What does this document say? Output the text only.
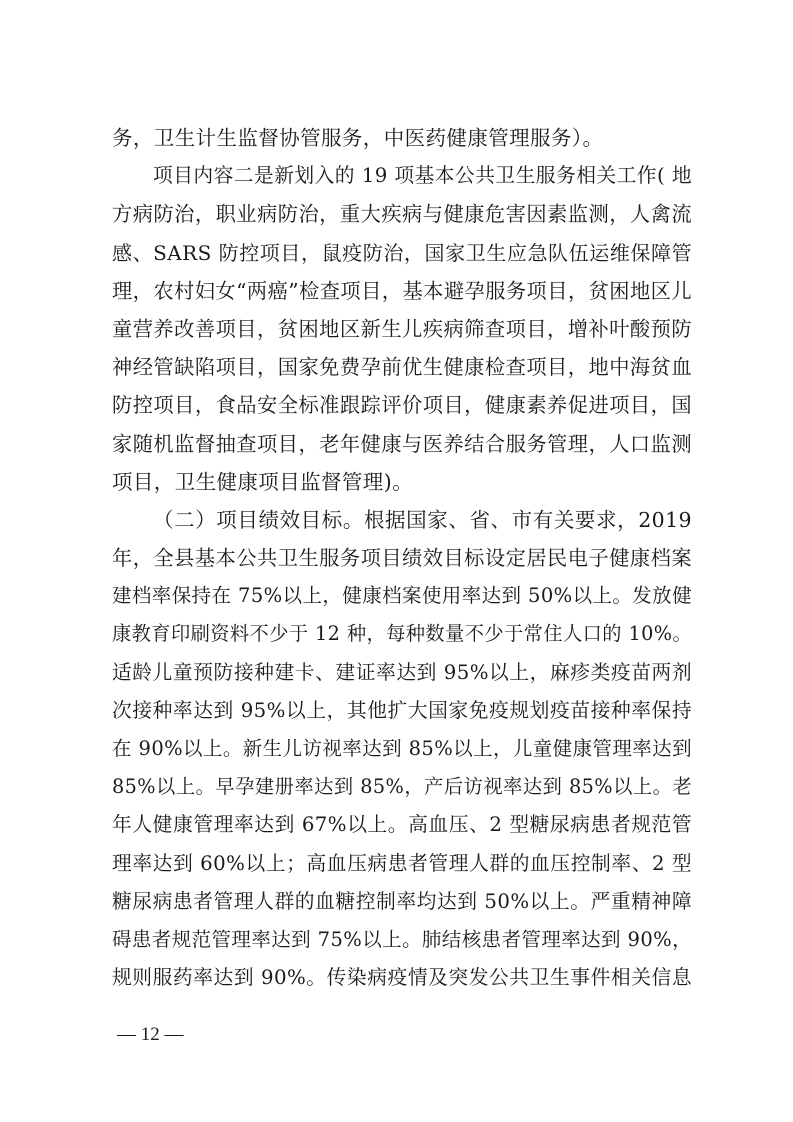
务，卫生计生监督协管服务，中医药健康管理服务）。
项目内容二是新划入的 19 项基本公共卫生服务相关工作( 地
方病防治，职业病防治，重大疾病与健康危害因素监测，人禽流
感、SARS 防控项目，鼠疫防治，国家卫生应急队伍运维保障管
理，农村妇女“两癌”检查项目，基本避孕服务项目，贫困地区儿
童营养改善项目，贫困地区新生儿疾病筛查项目，增补叶酸预防
神经管缺陷项目，国家免费孕前优生健康检查项目，地中海贫血
防控项目，食品安全标准跟踪评价项目，健康素养促进项目，国
家随机监督抽查项目，老年健康与医养结合服务管理，人口监测
项目，卫生健康项目监督管理)。
（二）项目绩效目标。根据国家、省、市有关要求，2019
年，全县基本公共卫生服务项目绩效目标设定居民电子健康档案
建档率保持在 75%以上，健康档案使用率达到 50%以上。发放健
康教育印刷资料不少于 12 种，每种数量不少于常住人口的 10%。
适龄儿童预防接种建卡、建证率达到 95%以上，麻疹类疫苗两剂
次接种率达到 95%以上，其他扩大国家免疫规划疫苗接种率保持
在 90%以上。新生儿访视率达到 85%以上，儿童健康管理率达到
85%以上。早孕建册率达到 85%，产后访视率达到 85%以上。老
年人健康管理率达到 67%以上。高血压、2 型糖尿病患者规范管
理率达到 60%以上；高血压病患者管理人群的血压控制率、2 型
糖尿病患者管理人群的血糖控制率均达到 50%以上。严重精神障
碍患者规范管理率达到 75%以上。肺结核患者管理率达到 90%，
规则服药率达到 90%。传染病疫情及突发公共卫生事件相关信息
— 12 —
